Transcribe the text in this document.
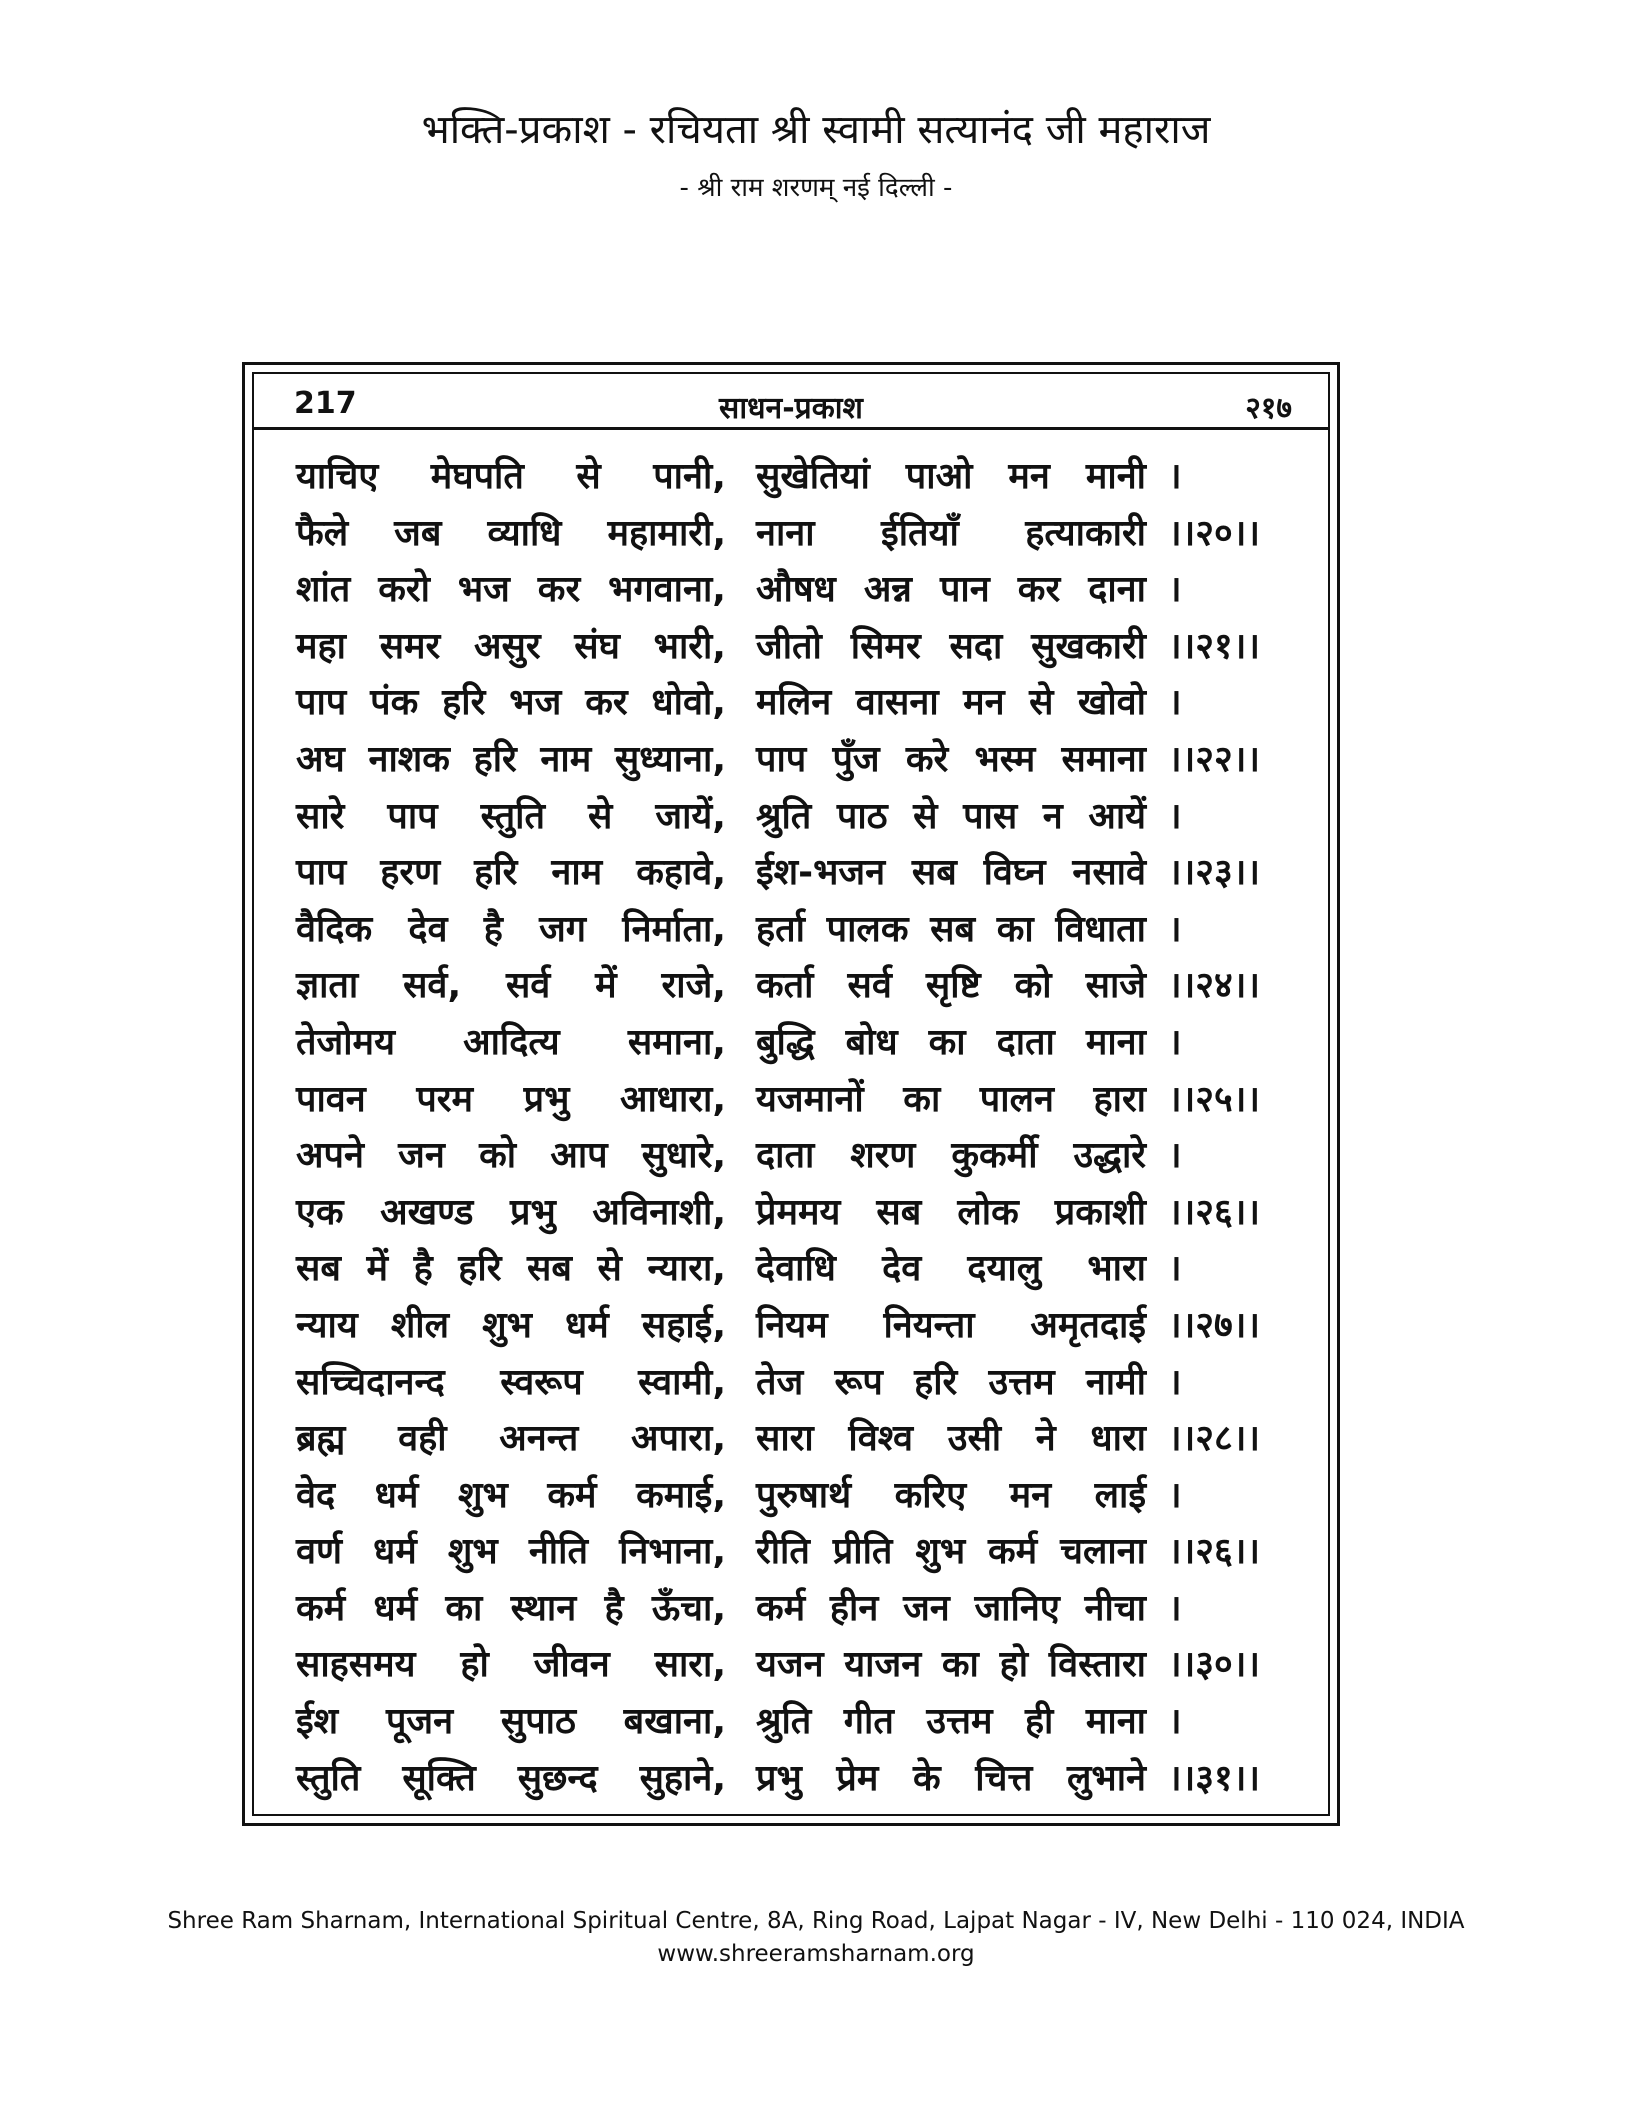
भक्ति-प्रकाश - रचियता श्री स्वामी सत्यानंद जी महाराज
- श्री राम शरणम् नई दिल्ली -
217	साधन-प्रकाश	२१७
याचिए मेघपति से पानी, सुखेतियां पाओ मन मानी ।
फैले जब व्याधि महामारी, नाना ईतियाँ हत्याकारी ।।२०।।
शांत करो भज कर भगवाना, औषध अन्न पान कर दाना ।
महा समर असुर संघ भारी, जीतो सिमर सदा सुखकारी ।।२१।।
पाप पंक हरि भज कर धोवो, मलिन वासना मन से खोवो ।
अघ नाशक हरि नाम सुध्याना, पाप पुँज करे भस्म समाना ।।२२।।
सारे पाप स्तुति से जायें, श्रुति पाठ से पास न आयें ।
पाप हरण हरि नाम कहावे, ईश-भजन सब विघ्न नसावे ।।२३।।
वैदिक देव है जग निर्माता, हर्ता पालक सब का विधाता ।
ज्ञाता सर्व, सर्व में राजे, कर्ता सर्व सृष्टि को साजे ।।२४।।
तेजोमय आदित्य समाना, बुद्धि बोध का दाता माना ।
पावन परम प्रभु आधारा, यजमानों का पालन हारा ।।२५।।
अपने जन को आप सुधारे, दाता शरण कुकर्मी उद्धारे ।
एक अखण्ड प्रभु अविनाशी, प्रेममय सब लोक प्रकाशी ।।२६।।
सब में है हरि सब से न्यारा, देवाधि देव दयालु भारा ।
न्याय शील शुभ धर्म सहाई, नियम नियन्ता अमृतदाई ।।२७।।
सच्चिदानन्द स्वरूप स्वामी, तेज रूप हरि उत्तम नामी ।
ब्रह्म वही अनन्त अपारा, सारा विश्व उसी ने धारा ।।२८।।
वेद धर्म शुभ कर्म कमाई, पुरुषार्थ करिए मन लाई ।
वर्ण धर्म शुभ नीति निभाना, रीति प्रीति शुभ कर्म चलाना ।।२६।।
कर्म धर्म का स्थान है ऊँचा, कर्म हीन जन जानिए नीचा ।
साहसमय हो जीवन सारा, यजन याजन का हो विस्तारा ।।३०।।
ईश पूजन सुपाठ बखाना, श्रुति गीत उत्तम ही माना ।
स्तुति सूक्ति सुछन्द सुहाने, प्रभु प्रेम के चित्त लुभाने ।।३१।।
Shree Ram Sharnam, International Spiritual Centre, 8A, Ring Road, Lajpat Nagar - IV, New Delhi - 110 024, INDIA
www.shreeramsharnam.org
